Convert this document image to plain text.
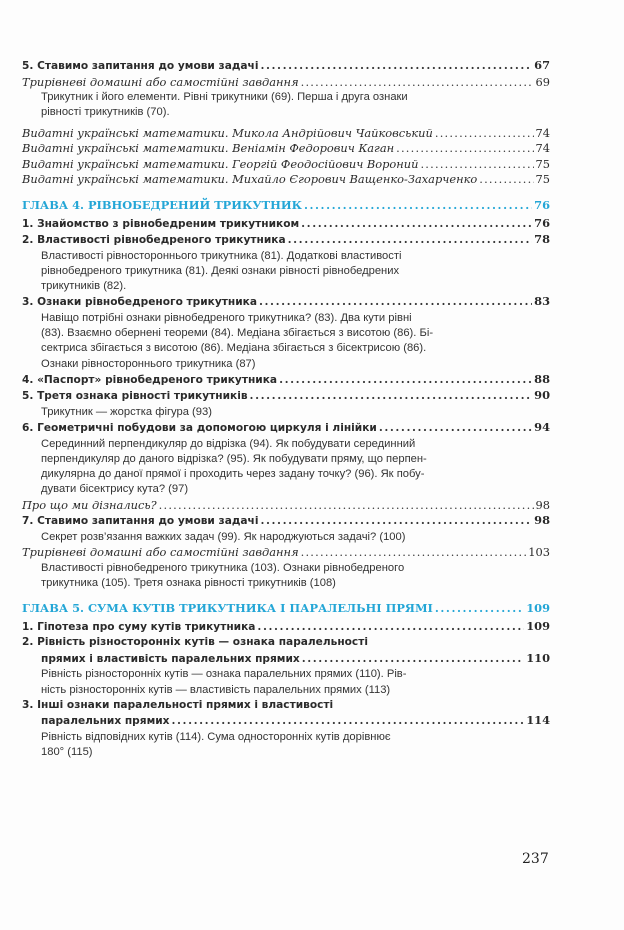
5. Ставимо запитання до умови задачі . . .	67
Трирівневі домашні або самостійні завдання . . .	69
Трикутник і його елементи. Рівні трикутники (69). Перша і друга ознаки
рівності трикутників (70).
Видатні українські математики. Микола Андрійович Чайковський . . .	74
Видатні українські математики. Веніамін Федорович Каган . . .	74
Видатні українські математики. Георгій Феодосійович Вороний . . .	75
Видатні українські математики. Михайло Єгорович Ващенко-Захарченко . . .	75
ГЛАВА 4. РІВНОБЕДРЕНИЙ ТРИКУТНИК . . .	76
1. Знайомство з рівнобедреним трикутником . . .	76
2. Властивості рівнобедреного трикутника . . .	78
Властивості рівностороннього трикутника (81). Додаткові властивості
рівнобедреного трикутника (81). Деякі ознаки рівності рівнобедрених
трикутників (82).
3. Ознаки рівнобедреного трикутника . . .	83
Навіщо потрібні ознаки рівнобедреного трикутника? (83). Два кути рівні
(83). Взаємно обернені теореми (84). Медіана збігається з висотою (86). Бі-
сектриса збігається з висотою (86). Медіана збігається з бісектрисою (86).
Ознаки рівностороннього трикутника (87)
4. «Паспорт» рівнобедреного трикутника . . .	88
5. Третя ознака рівності трикутників . . .	90
Трикутник — жорстка фігура (93)
6. Геометричні побудови за допомогою циркуля і лінійки . . .	94
Серединний перпендикуляр до відрізка (94). Як побудувати серединний
перпендикуляр до даного відрізка? (95). Як побудувати пряму, що перпен-
дикулярна до даної прямої і проходить через задану точку? (96). Як побу-
дувати бісектрису кута? (97)
Про що ми дізнались? . . .	98
7. Ставимо запитання до умови задачі . . .	98
Секрет розв’язання важких задач (99). Як народжуються задачі? (100)
Трирівневі домашні або самостійні завдання . . .	103
Властивості рівнобедреного трикутника (103). Ознаки рівнобедреного
трикутника (105). Третя ознака рівності трикутників (108)
ГЛАВА 5. СУМА КУТІВ ТРИКУТНИКА І ПАРАЛЕЛЬНІ ПРЯМІ . . .	109
1. Гіпотеза про суму кутів трикутника . . .	109
2. Рівність різносторонніх кутів — ознака паралельності
прямих і властивість паралельних прямих . . .	110
Рівність різносторонніх кутів — ознака паралельних прямих (110). Рів-
ність різносторонніх кутів — властивість паралельних прямих (113)
3. Інші ознаки паралельності прямих і властивості
паралельних прямих . . .	114
Рівність відповідних кутів (114). Сума односторонніх кутів дорівнює
180° (115)
237
